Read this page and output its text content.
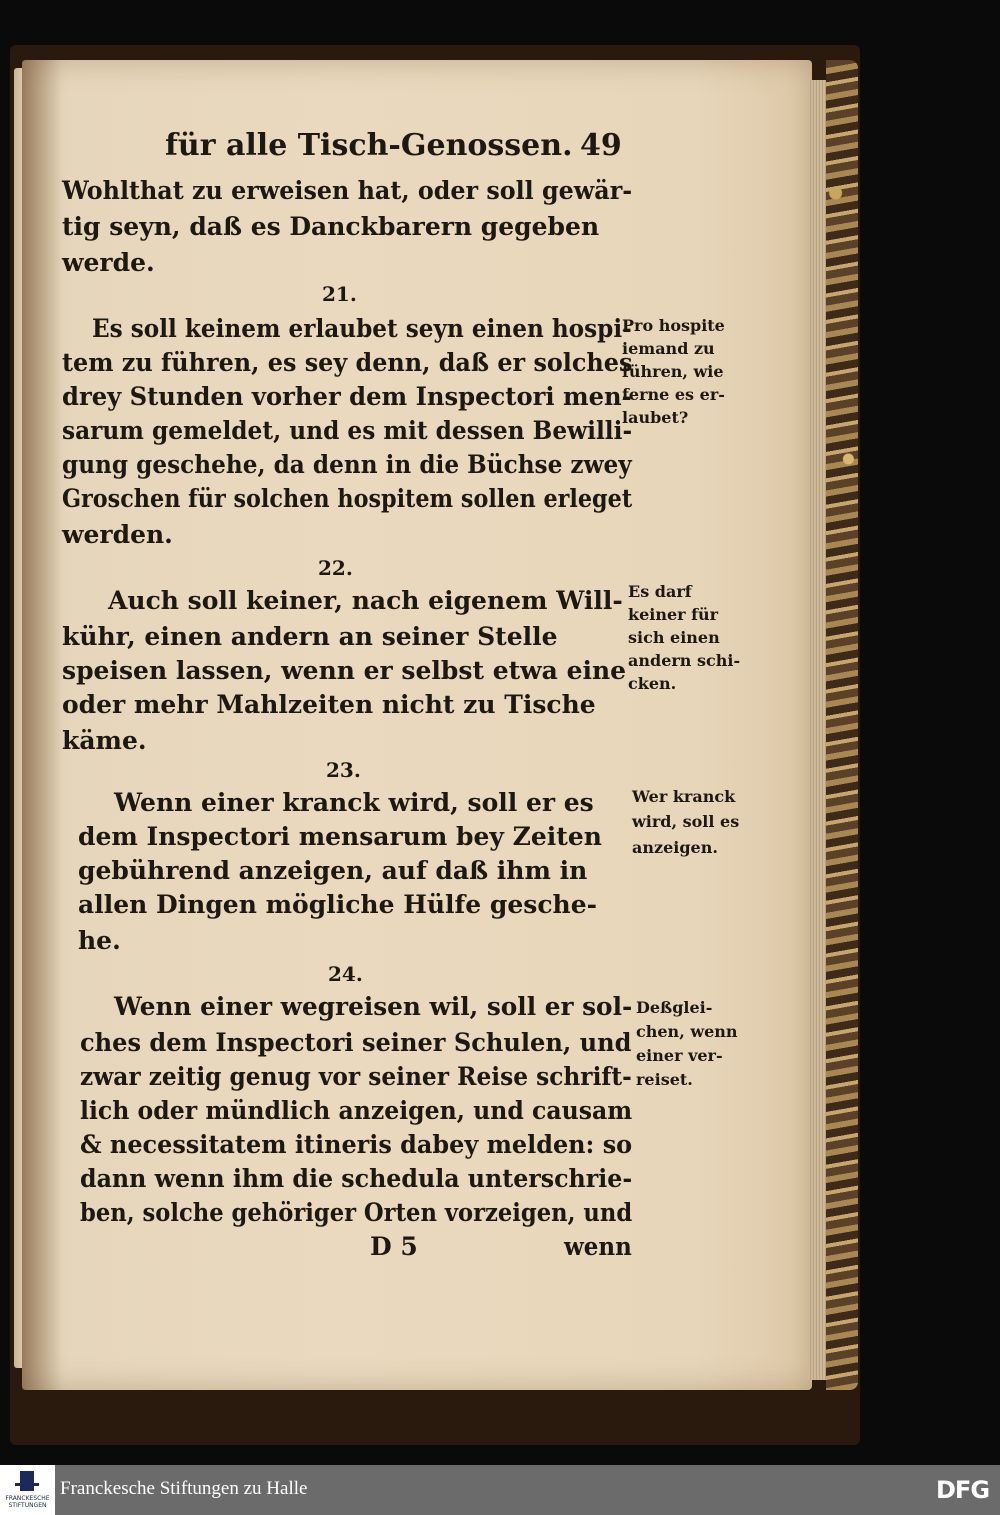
für alle Tisch-Genossen. 49
Wohlthat zu erweisen hat, oder soll gewär-
tig seyn, daß es Danckbarern gegeben
werde.
21.
Es soll keinem erlaubet seyn einen hospi-
tem zu führen, es sey denn, daß er solches
drey Stunden vorher dem Inspectori men-
sarum gemeldet, und es mit dessen Bewilli-
gung geschehe, da denn in die Büchse zwey
Groschen für solchen hospitem sollen erleget
werden.
Pro hospite
iemand zu
führen, wie
ferne es er-
laubet?
22.
Auch soll keiner, nach eigenem Will-
kühr, einen andern an seiner Stelle
speisen lassen, wenn er selbst etwa eine
oder mehr Mahlzeiten nicht zu Tische
käme.
Es darf
keiner für
sich einen
andern schi-
cken.
23.
Wenn einer kranck wird, soll er es
dem Inspectori mensarum bey Zeiten
gebührend anzeigen, auf daß ihm in
allen Dingen mögliche Hülfe gesche-
he.
Wer kranck
wird, soll es
anzeigen.
24.
Wenn einer wegreisen wil, soll er sol-
ches dem Inspectori seiner Schulen, und
zwar zeitig genug vor seiner Reise schrift-
lich oder mündlich anzeigen, und causam
& necessitatem itineris dabey melden: so
dann wenn ihm die schedula unterschrie-
ben, solche gehöriger Orten vorzeigen, und
Deßglei-
chen, wenn
einer ver-
reiset.
D 5	wenn
FRANCKESCHE STIFTUNGEN
Franckesche Stiftungen zu Halle	DFG
